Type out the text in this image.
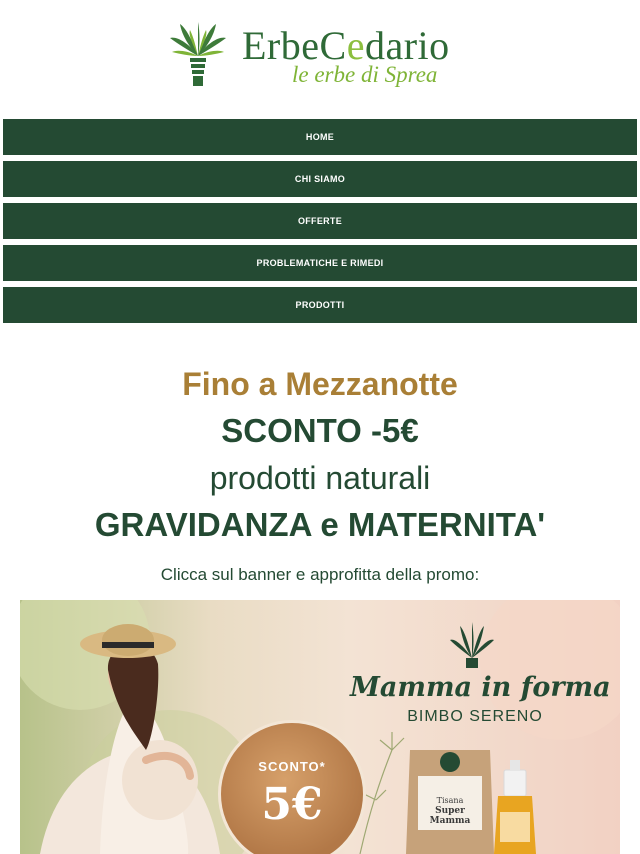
ErbeCedario
le erbe di Sprea
HOME
CHI SIAMO
OFFERTE
PROBLEMATICHE E RIMEDI
PRODOTTI

Fino a Mezzanotte

SCONTO -5€

prodotti naturali

GRAVIDANZA e MATERNITA'

Clicca sul banner e approfitta della promo:

Mamma in forma
BIMBO SERENO
SCONTO*
5€	Tisana
Super Mamma
